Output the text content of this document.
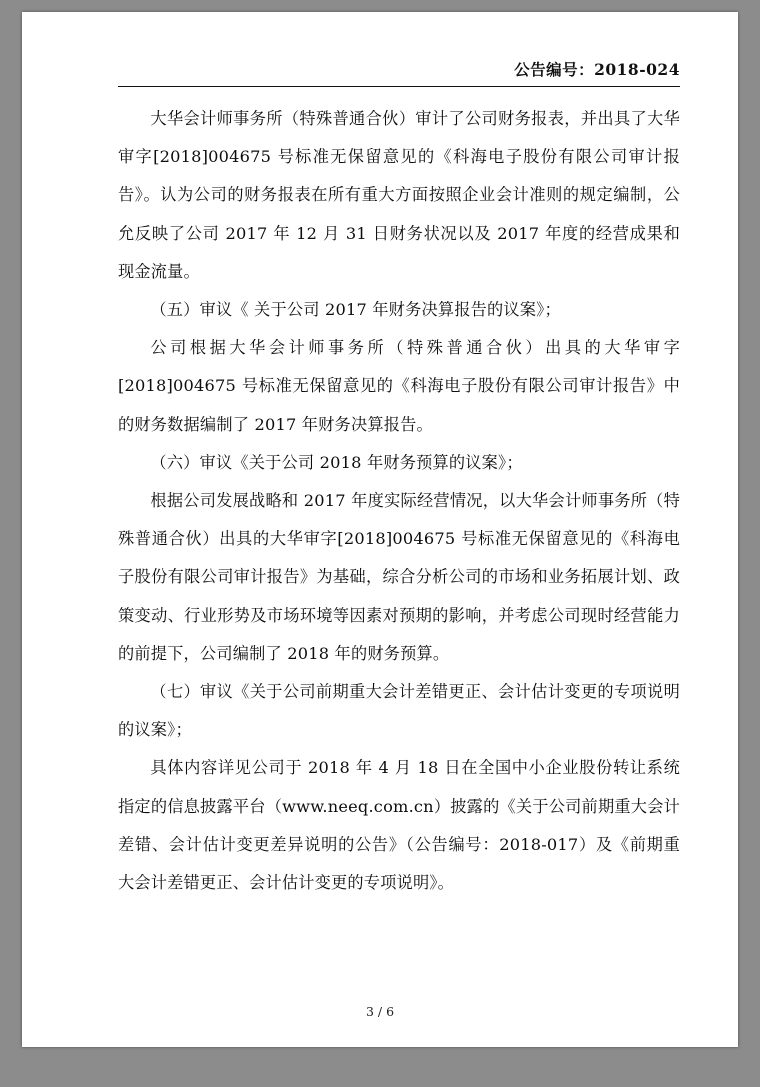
公告编号：2018-024

大华会计师事务所（特殊普通合伙）审计了公司财务报表，并出具了大华审字[2018]004675 号标准无保留意见的《科海电子股份有限公司审计报告》。认为公司的财务报表在所有重大方面按照企业会计准则的规定编制，公允反映了公司 2017 年 12 月 31 日财务状况以及 2017 年度的经营成果和现金流量。

（五）审议《 关于公司 2017 年财务决算报告的议案》；

公司根据大华会计师事务所（特殊普通合伙）出具的大华审字[2018]004675 号标准无保留意见的《科海电子股份有限公司审计报告》中的财务数据编制了 2017 年财务决算报告。

（六）审议《关于公司 2018 年财务预算的议案》；

根据公司发展战略和 2017 年度实际经营情况，以大华会计师事务所（特殊普通合伙）出具的大华审字[2018]004675 号标准无保留意见的《科海电子股份有限公司审计报告》为基础，综合分析公司的市场和业务拓展计划、政策变动、行业形势及市场环境等因素对预期的影响，并考虑公司现时经营能力的前提下，公司编制了 2018 年的财务预算。

（七）审议《关于公司前期重大会计差错更正、会计估计变更的专项说明的议案》；

具体内容详见公司于 2018 年 4 月 18 日在全国中小企业股份转让系统指定的信息披露平台（www.neeq.com.cn）披露的《关于公司前期重大会计差错、会计估计变更差异说明的公告》（公告编号：2018-017）及《前期重大会计差错更正、会计估计变更的专项说明》。

3 / 6
